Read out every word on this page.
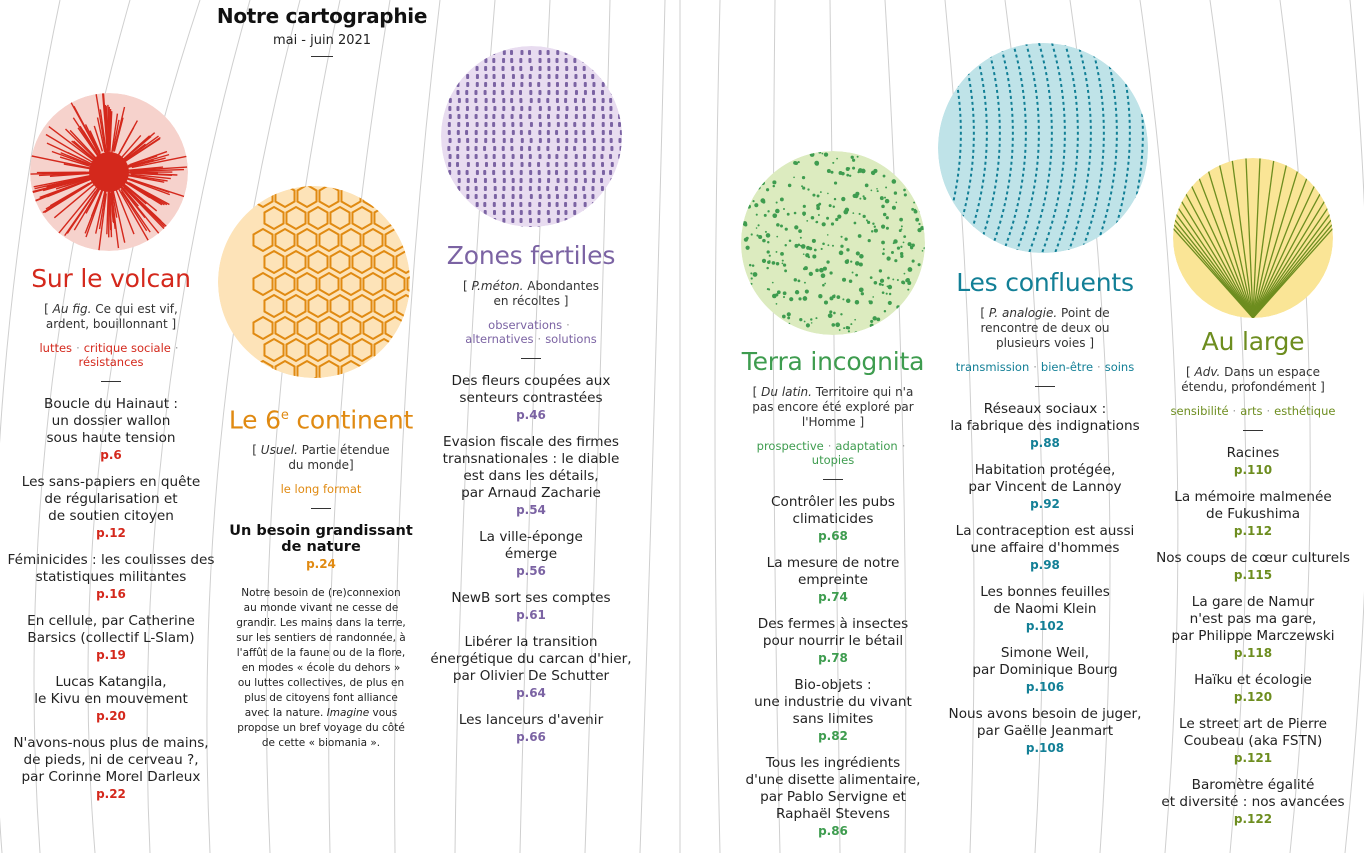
Notre cartographie
mai - juin 2021
Sur le volcan
[ Au fig. Ce qui est vif, ardent, bouillonnant ]
luttes · critique sociale ·
résistances
Boucle du Hainaut :
un dossier wallon
sous haute tension
p.6
Les sans-papiers en quête
de régularisation et
de soutien citoyen
p.12
Féminicides : les coulisses des
statistiques militantes
p.16
En cellule, par Catherine
Barsics (collectif L-Slam)
p.19
Lucas Katangila,
le Kivu en mouvement
p.20
N'avons-nous plus de mains,
de pieds, ni de cerveau ?,
par Corinne Morel Darleux
p.22
Le 6e continent
[ Usuel. Partie étendue du monde]
le long format
Un besoin grandissant
de nature
p.24
Notre besoin de (re)connexion au monde vivant ne cesse de grandir. Les mains dans la terre, sur les sentiers de randonnée, à l'affût de la faune ou de la flore, en modes « école du dehors » ou luttes collectives, de plus en plus de citoyens font alliance avec la nature. Imagine vous propose un bref voyage du côté de cette « biomania ».
Zones fertiles
[ P.méton. Abondantes en récoltes ]
observations ·
alternatives · solutions
Des fleurs coupées aux
senteurs contrastées
p.46
Evasion fiscale des firmes
transnationales : le diable
est dans les détails,
par Arnaud Zacharie
p.54
La ville-éponge
émerge
p.56
NewB sort ses comptes
p.61
Libérer la transition
énergétique du carcan d'hier,
par Olivier De Schutter
p.64
Les lanceurs d'avenir
p.66
Terra incognita
[ Du latin. Territoire qui n'a pas encore été exploré par l'Homme ]
prospective · adaptation ·
utopies
Contrôler les pubs
climaticides
p.68
La mesure de notre
empreinte
p.74
Des fermes à insectes
pour nourrir le bétail
p.78
Bio-objets :
une industrie du vivant
sans limites
p.82
Tous les ingrédients
d'une disette alimentaire,
par Pablo Servigne et
Raphaël Stevens
p.86
Les confluents
[ P. analogie. Point de rencontre de deux ou plusieurs voies ]
transmission · bien-être · soins
Réseaux sociaux :
la fabrique des indignations
p.88
Habitation protégée,
par Vincent de Lannoy
p.92
La contraception est aussi
une affaire d'hommes
p.98
Les bonnes feuilles
de Naomi Klein
p.102
Simone Weil,
par Dominique Bourg
p.106
Nous avons besoin de juger,
par Gaëlle Jeanmart
p.108
Au large
[ Adv. Dans un espace étendu, profondément ]
sensibilité · arts · esthétique
Racines
p.110
La mémoire malmenée
de Fukushima
p.112
Nos coups de cœur culturels
p.115
La gare de Namur
n'est pas ma gare,
par Philippe Marczewski
p.118
Haïku et écologie
p.120
Le street art de Pierre
Coubeau (aka FSTN)
p.121
Baromètre égalité
et diversité : nos avancées
p.122
